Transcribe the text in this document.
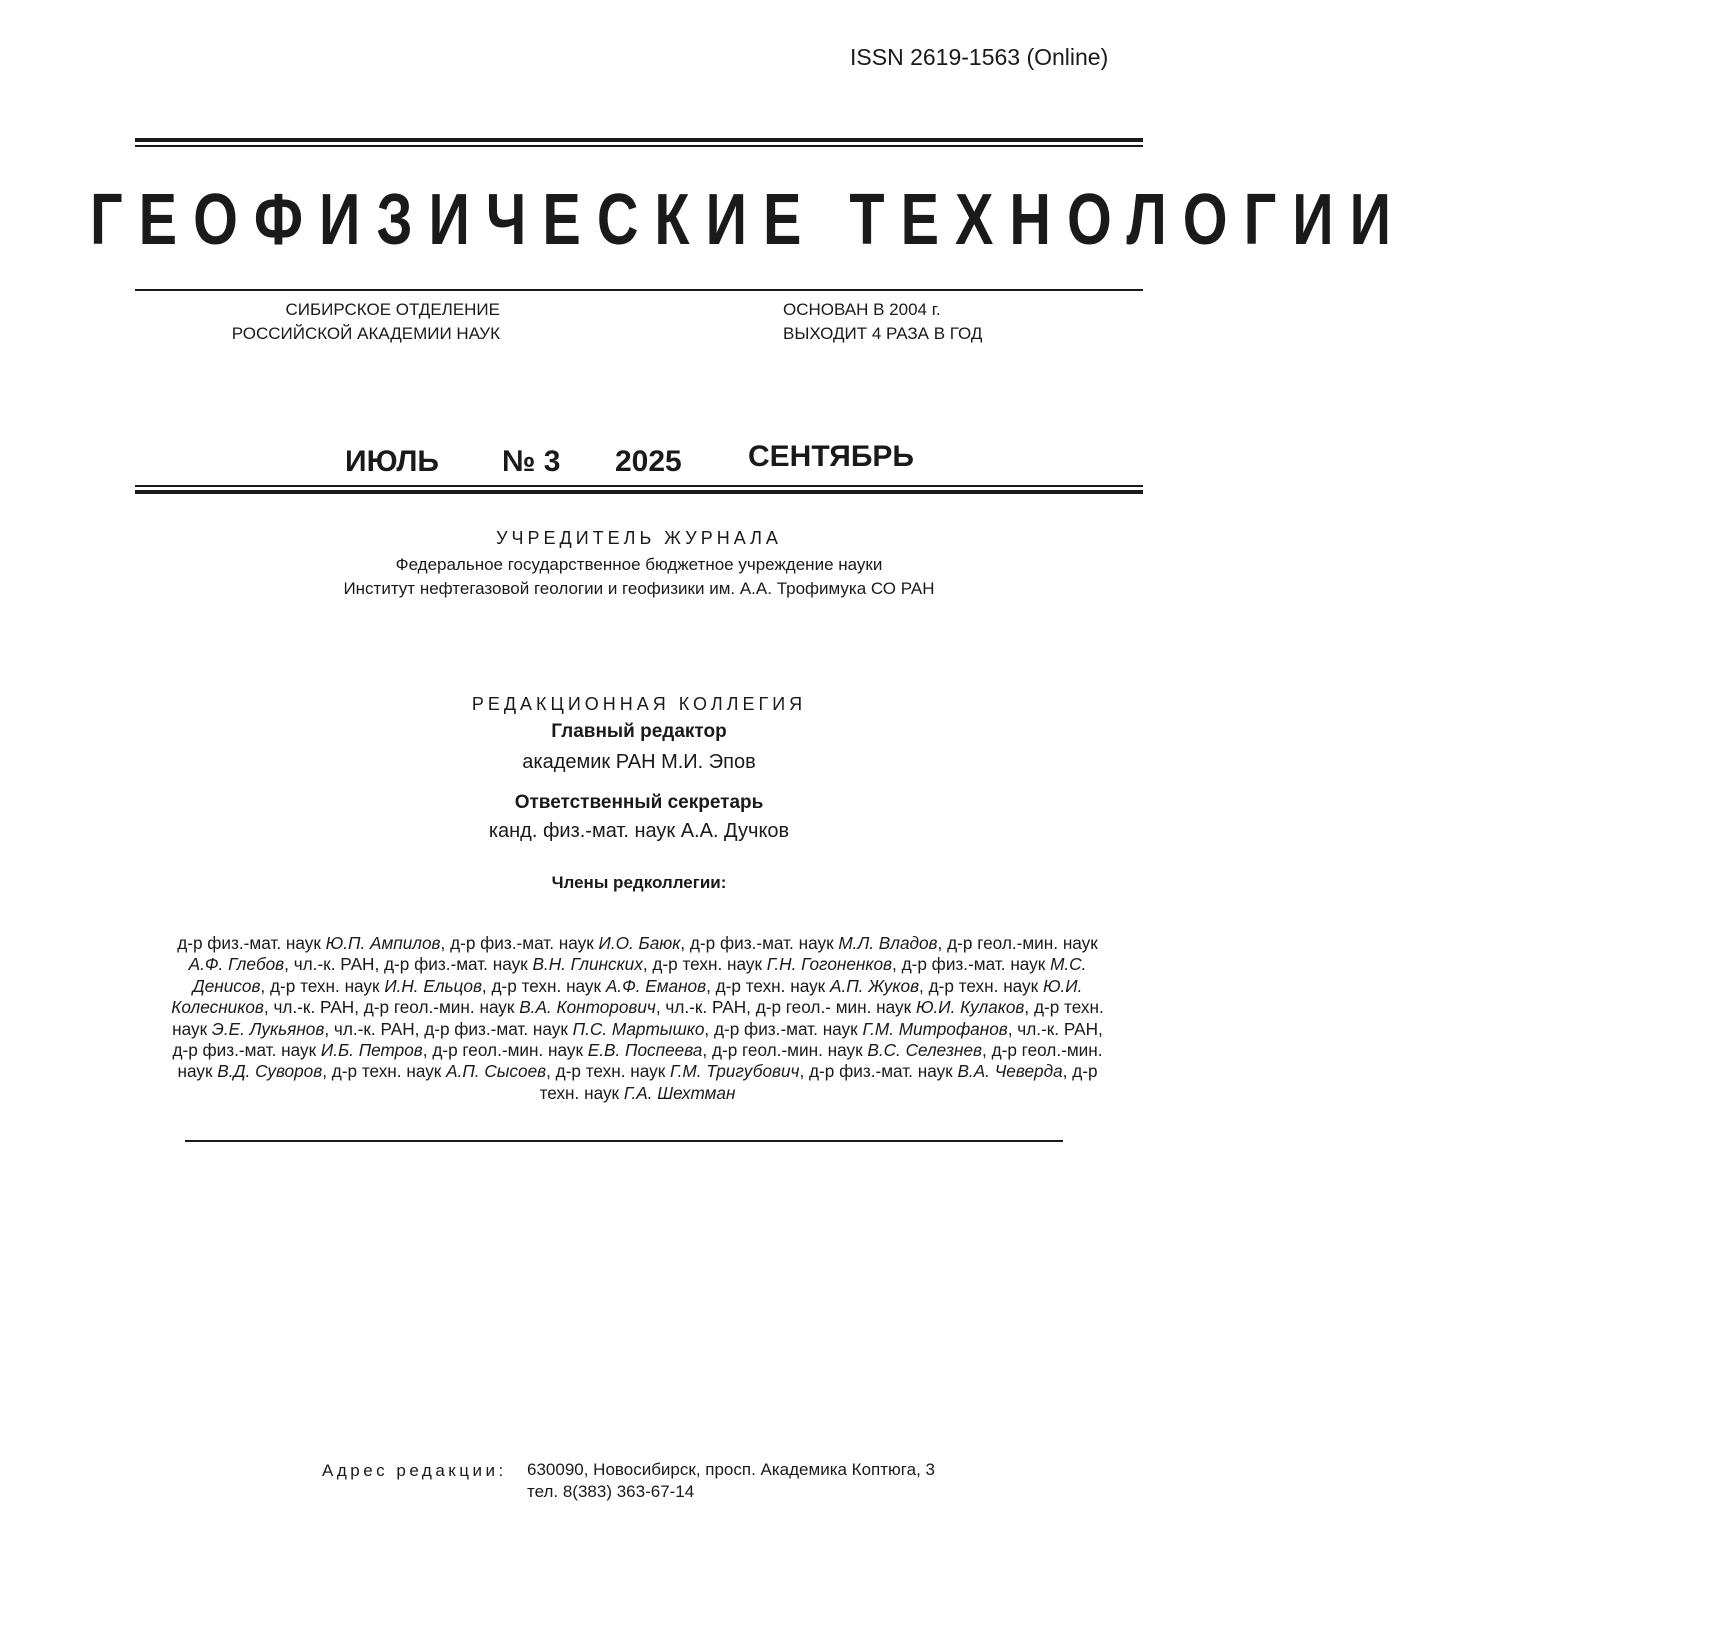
ISSN 2619-1563 (Online)
ГЕОФИЗИЧЕСКИЕ ТЕХНОЛОГИИ
СИБИРСКОЕ ОТДЕЛЕНИЕ
РОССИЙСКОЙ АКАДЕМИИ НАУК
ОСНОВАН В 2004 г.
ВЫХОДИТ 4 РАЗА В ГОД
ИЮЛЬ № 3 2025 СЕНТЯБРЬ
УЧРЕДИТЕЛЬ ЖУРНАЛА
Федеральное государственное бюджетное учреждение науки
Институт нефтегазовой геологии и геофизики им. А.А. Трофимука СО РАН
РЕДАКЦИОННАЯ КОЛЛЕГИЯ
Главный редактор
академик РАН М.И. Эпов
Ответственный секретарь
канд. физ.-мат. наук А.А. Дучков
Члены редколлегии:
д-р физ.-мат. наук Ю.П. Ампилов, д-р физ.-мат. наук И.О. Баюк, д-р физ.-мат. наук М.Л. Владов, д-р геол.-мин. наук А.Ф. Глебов, чл.-к. РАН, д-р физ.-мат. наук В.Н. Глинских, д-р техн. наук Г.Н. Гогоненков, д-р физ.-мат. наук М.С. Денисов, д-р техн. наук И.Н. Ельцов, д-р техн. наук А.Ф. Еманов, д-р техн. наук А.П. Жуков, д-р техн. наук Ю.И. Колесников, чл.-к. РАН, д-р геол.-мин. наук В.А. Конторович, чл.-к. РАН, д-р геол.- мин. наук Ю.И. Кулаков, д-р техн. наук Э.Е. Лукьянов, чл.-к. РАН, д-р физ.-мат. наук П.С. Мартышко, д-р физ.-мат. наук Г.М. Митрофанов, чл.-к. РАН, д-р физ.-мат. наук И.Б. Петров, д-р геол.-мин. наук Е.В. Поспеева, д-р геол.-мин. наук В.С. Селезнев, д-р геол.-мин. наук В.Д. Суворов, д-р техн. наук А.П. Сысоев, д-р техн. наук Г.М. Тригубович, д-р физ.-мат. наук В.А. Чеверда, д-р техн. наук Г.А. Шехтман
Адрес редакции: 630090, Новосибирск, просп. Академика Коптюга, 3
тел. 8(383) 363-67-14
